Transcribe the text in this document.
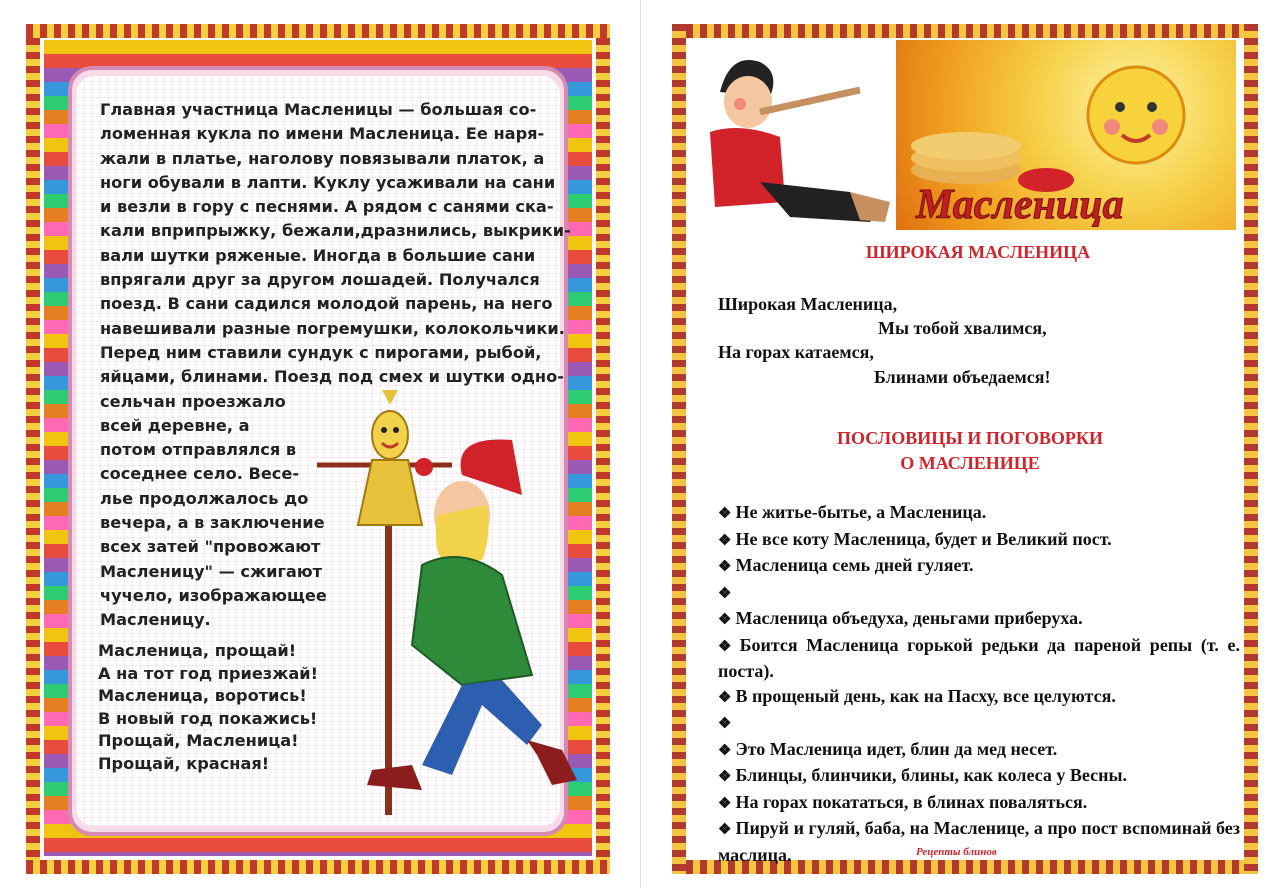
Главная участница Масленицы — большая со-
ломенная кукла по имени Масленица. Ее наря-
жали в платье, наголову повязывали платок, а
ноги обували в лапти. Куклу усаживали на сани
и везли в гору с песнями. А рядом с санями ска-
кали вприпрыжку, бежали,дразнились, выкрики-
вали шутки ряженые. Иногда в большие сани
впрягали друг за другом лошадей. Получался
поезд. В сани садился молодой парень, на него
навешивали разные погремушки, колокольчики.
Перед ним ставили сундук с пирогами, рыбой,
яйцами, блинами. Поезд под смех и шутки одно-
сельчан проезжало
всей деревне, а
потом отправлялся в
соседнее село. Весе-
лье продолжалось до
вечера, а в заключение
всех затей "провожают
Масленицу" — сжигают
чучело, изображающее
Масленицу.
Масленица, прощай!
А на тот год приезжай!
Масленица, воротись!
В новый год покажись!
Прощай, Масленица!
Прощай, красная!
Масленица
ШИРОКАЯ МАСЛЕНИЦА
Широкая Масленица,
Мы тобой хвалимся,
На горах катаемся,
Блинами объедаемся!
ПОСЛОВИЦЫ И ПОГОВОРКИ
О МАСЛЕНИЦЕ
❖ Не житье-бытье, а Масленица.
❖ Не все коту Масленица, будет и Великий пост.
❖ Масленица семь дней гуляет.
❖
❖ Масленица объедуха, деньгами приберуха.
❖ Боится Масленица горькой редьки да пареной репы (т. е. поста).
❖ В прощеный день, как на Пасху, все целуются.
❖
❖ Это Масленица идет, блин да мед несет.
❖ Блинцы, блинчики, блины, как колеса у Весны.
❖ На горах покататься, в блинах поваляться.
❖ Пируй и гуляй, баба, на Масленице, а про пост вспоминай без маслица.	Рецепты блинов
